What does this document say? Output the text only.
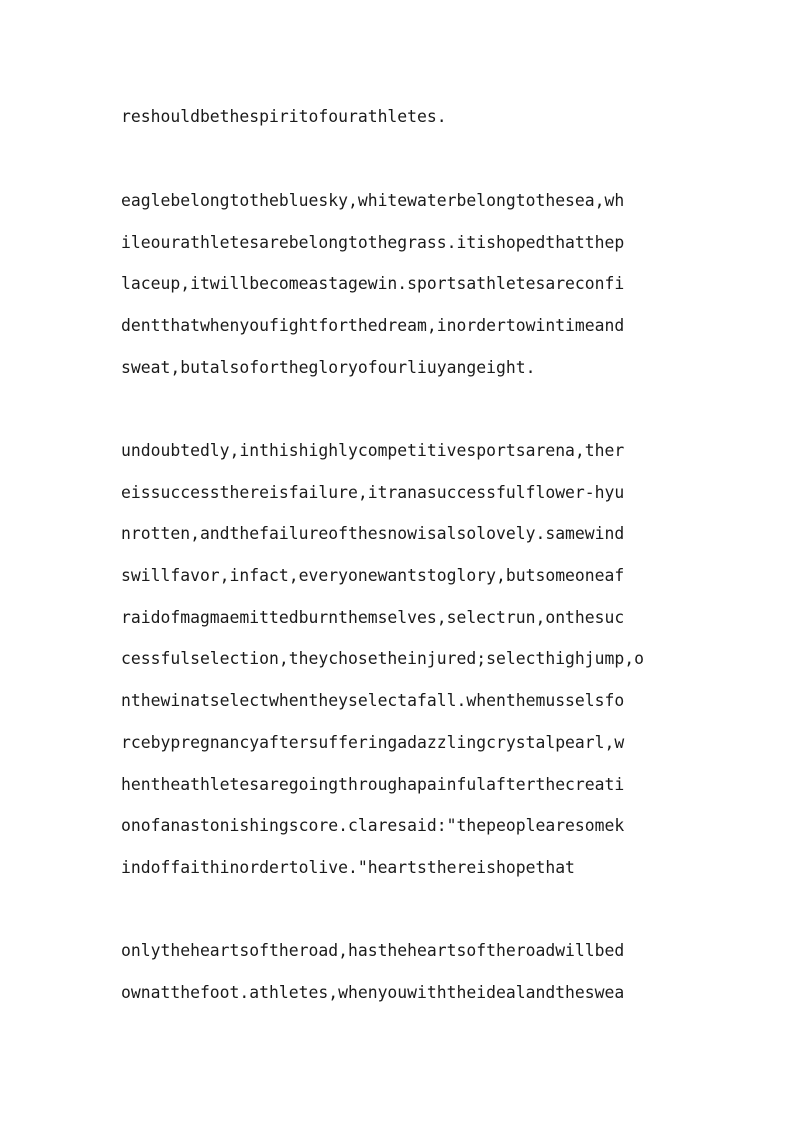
reshouldbethespiritofourathletes.

eaglebelongtothebluesky,whitewaterbelongtothesea,wh
ileourathletesarebelongtothegrass.itishopedthatthep
laceup,itwillbecomeastagewin.sportsathletesareconfi
dentthatwhenyoufightforthedream,inordertowintimeand
sweat,butalsoforthegloryofourliuyangeight.

undoubtedly,inthishighlycompetitivesportsarena,ther
eissuccessthereisfailure,itranasuccessfulflower-hyu
nrotten,andthefailureofthesnowisalsolovely.samewind
swillfavor,infact,everyonewantstoglory,butsomeoneaf
raidofmagmaemittedburnthemselves,selectrun,onthesuc
cessfulselection,theychosetheinjured;selecthighjump,o
nthewinatselectwhentheyselectafall.whenthemusselsfo
rcebypregnancyaftersufferingadazzlingcrystalpearl,w
hentheathletesaregoingthroughapainfulafterthecreati
onofanastonishingscore.claresaid:"thepeoplearesomek
indoffaithinordertolive."heartsthereishopethat

onlytheheartsoftheroad,hastheheartsoftheroadwillbed
ownatthefoot.athletes,whenyouwiththeidealandtheswea
